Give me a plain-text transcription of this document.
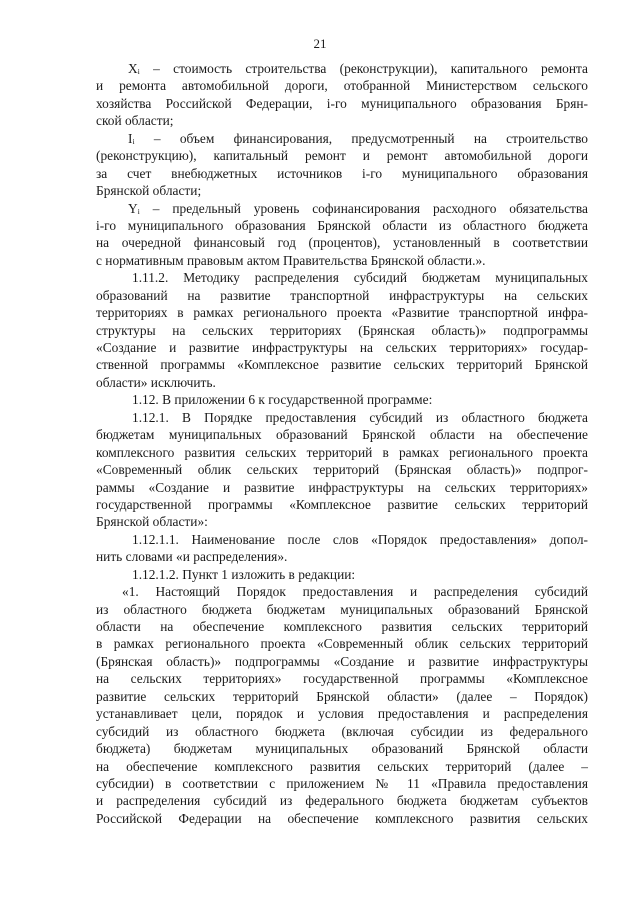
21
Xᵢ – стоимость строительства (реконструкции), капитального ремонта
и ремонта автомобильной дороги, отобранной Министерством сельского
хозяйства Российской Федерации, i-го муниципального образования Брян-
ской области;
Iᵢ – объем финансирования, предусмотренный на строительство
(реконструкцию), капитальный ремонт и ремонт автомобильной дороги
за счет внебюджетных источников i-го муниципального образования
Брянской области;
Yᵢ – предельный уровень софинансирования расходного обязательства
i-го муниципального образования Брянской области из областного бюджета
на очередной финансовый год (процентов), установленный в соответствии
с нормативным правовым актом Правительства Брянской области.».
1.11.2. Методику распределения субсидий бюджетам муниципальных
образований на развитие транспортной инфраструктуры на сельских
территориях в рамках регионального проекта «Развитие транспортной инфра-
структуры на сельских территориях (Брянская область)» подпрограммы
«Создание и развитие инфраструктуры на сельских территориях» государ-
ственной программы «Комплексное развитие сельских территорий Брянской
области» исключить.
1.12. В приложении 6 к государственной программе:
1.12.1. В Порядке предоставления субсидий из областного бюджета
бюджетам муниципальных образований Брянской области на обеспечение
комплексного развития сельских территорий в рамках регионального проекта
«Современный облик сельских территорий (Брянская область)» подпрог-
раммы «Создание и развитие инфраструктуры на сельских территориях»
государственной программы «Комплексное развитие сельских территорий
Брянской области»:
1.12.1.1. Наименование после слов «Порядок предоставления» допол-
нить словами «и распределения».
1.12.1.2. Пункт 1 изложить в редакции:
«1. Настоящий Порядок предоставления и распределения субсидий
из областного бюджета бюджетам муниципальных образований Брянской
области на обеспечение комплексного развития сельских территорий
в рамках регионального проекта «Современный облик сельских территорий
(Брянская область)» подпрограммы «Создание и развитие инфраструктуры
на сельских территориях» государственной программы «Комплексное
развитие сельских территорий Брянской области» (далее – Порядок)
устанавливает цели, порядок и условия предоставления и распределения
субсидий из областного бюджета (включая субсидии из федерального
бюджета) бюджетам муниципальных образований Брянской области
на обеспечение комплексного развития сельских территорий (далее –
субсидии) в соответствии с приложением № 11 «Правила предоставления
и распределения субсидий из федерального бюджета бюджетам субъектов
Российской Федерации на обеспечение комплексного развития сельских
